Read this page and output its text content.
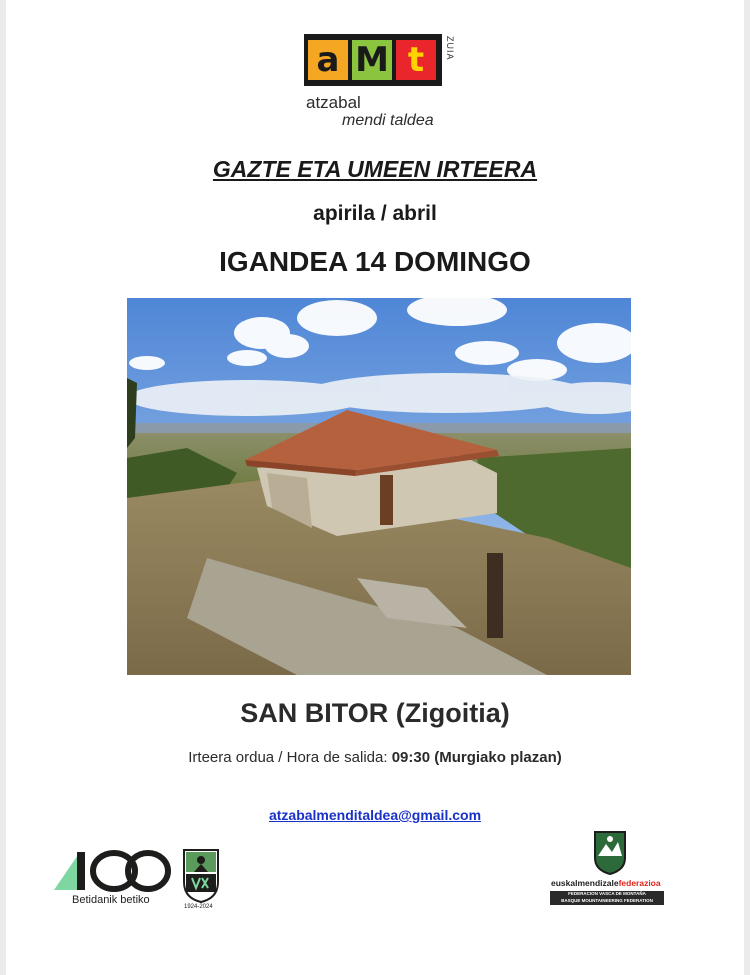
a M t	ZUIA
atzabal
mendi taldea
GAZTE ETA UMEEN IRTEERA
apirila / abril
IGANDEA 14 DOMINGO
SAN BITOR (Zigoitia)
Irteera ordua / Hora de salida: 09:30 (Murgiako plazan)
atzabalmenditaldea@gmail.com
Betidanik betiko
1924-2024
euskalmendizalefederazioa
FEDERACION VASCA DE MONTAÑA
BASQUE MOUNTAINEERING FEDERATION
